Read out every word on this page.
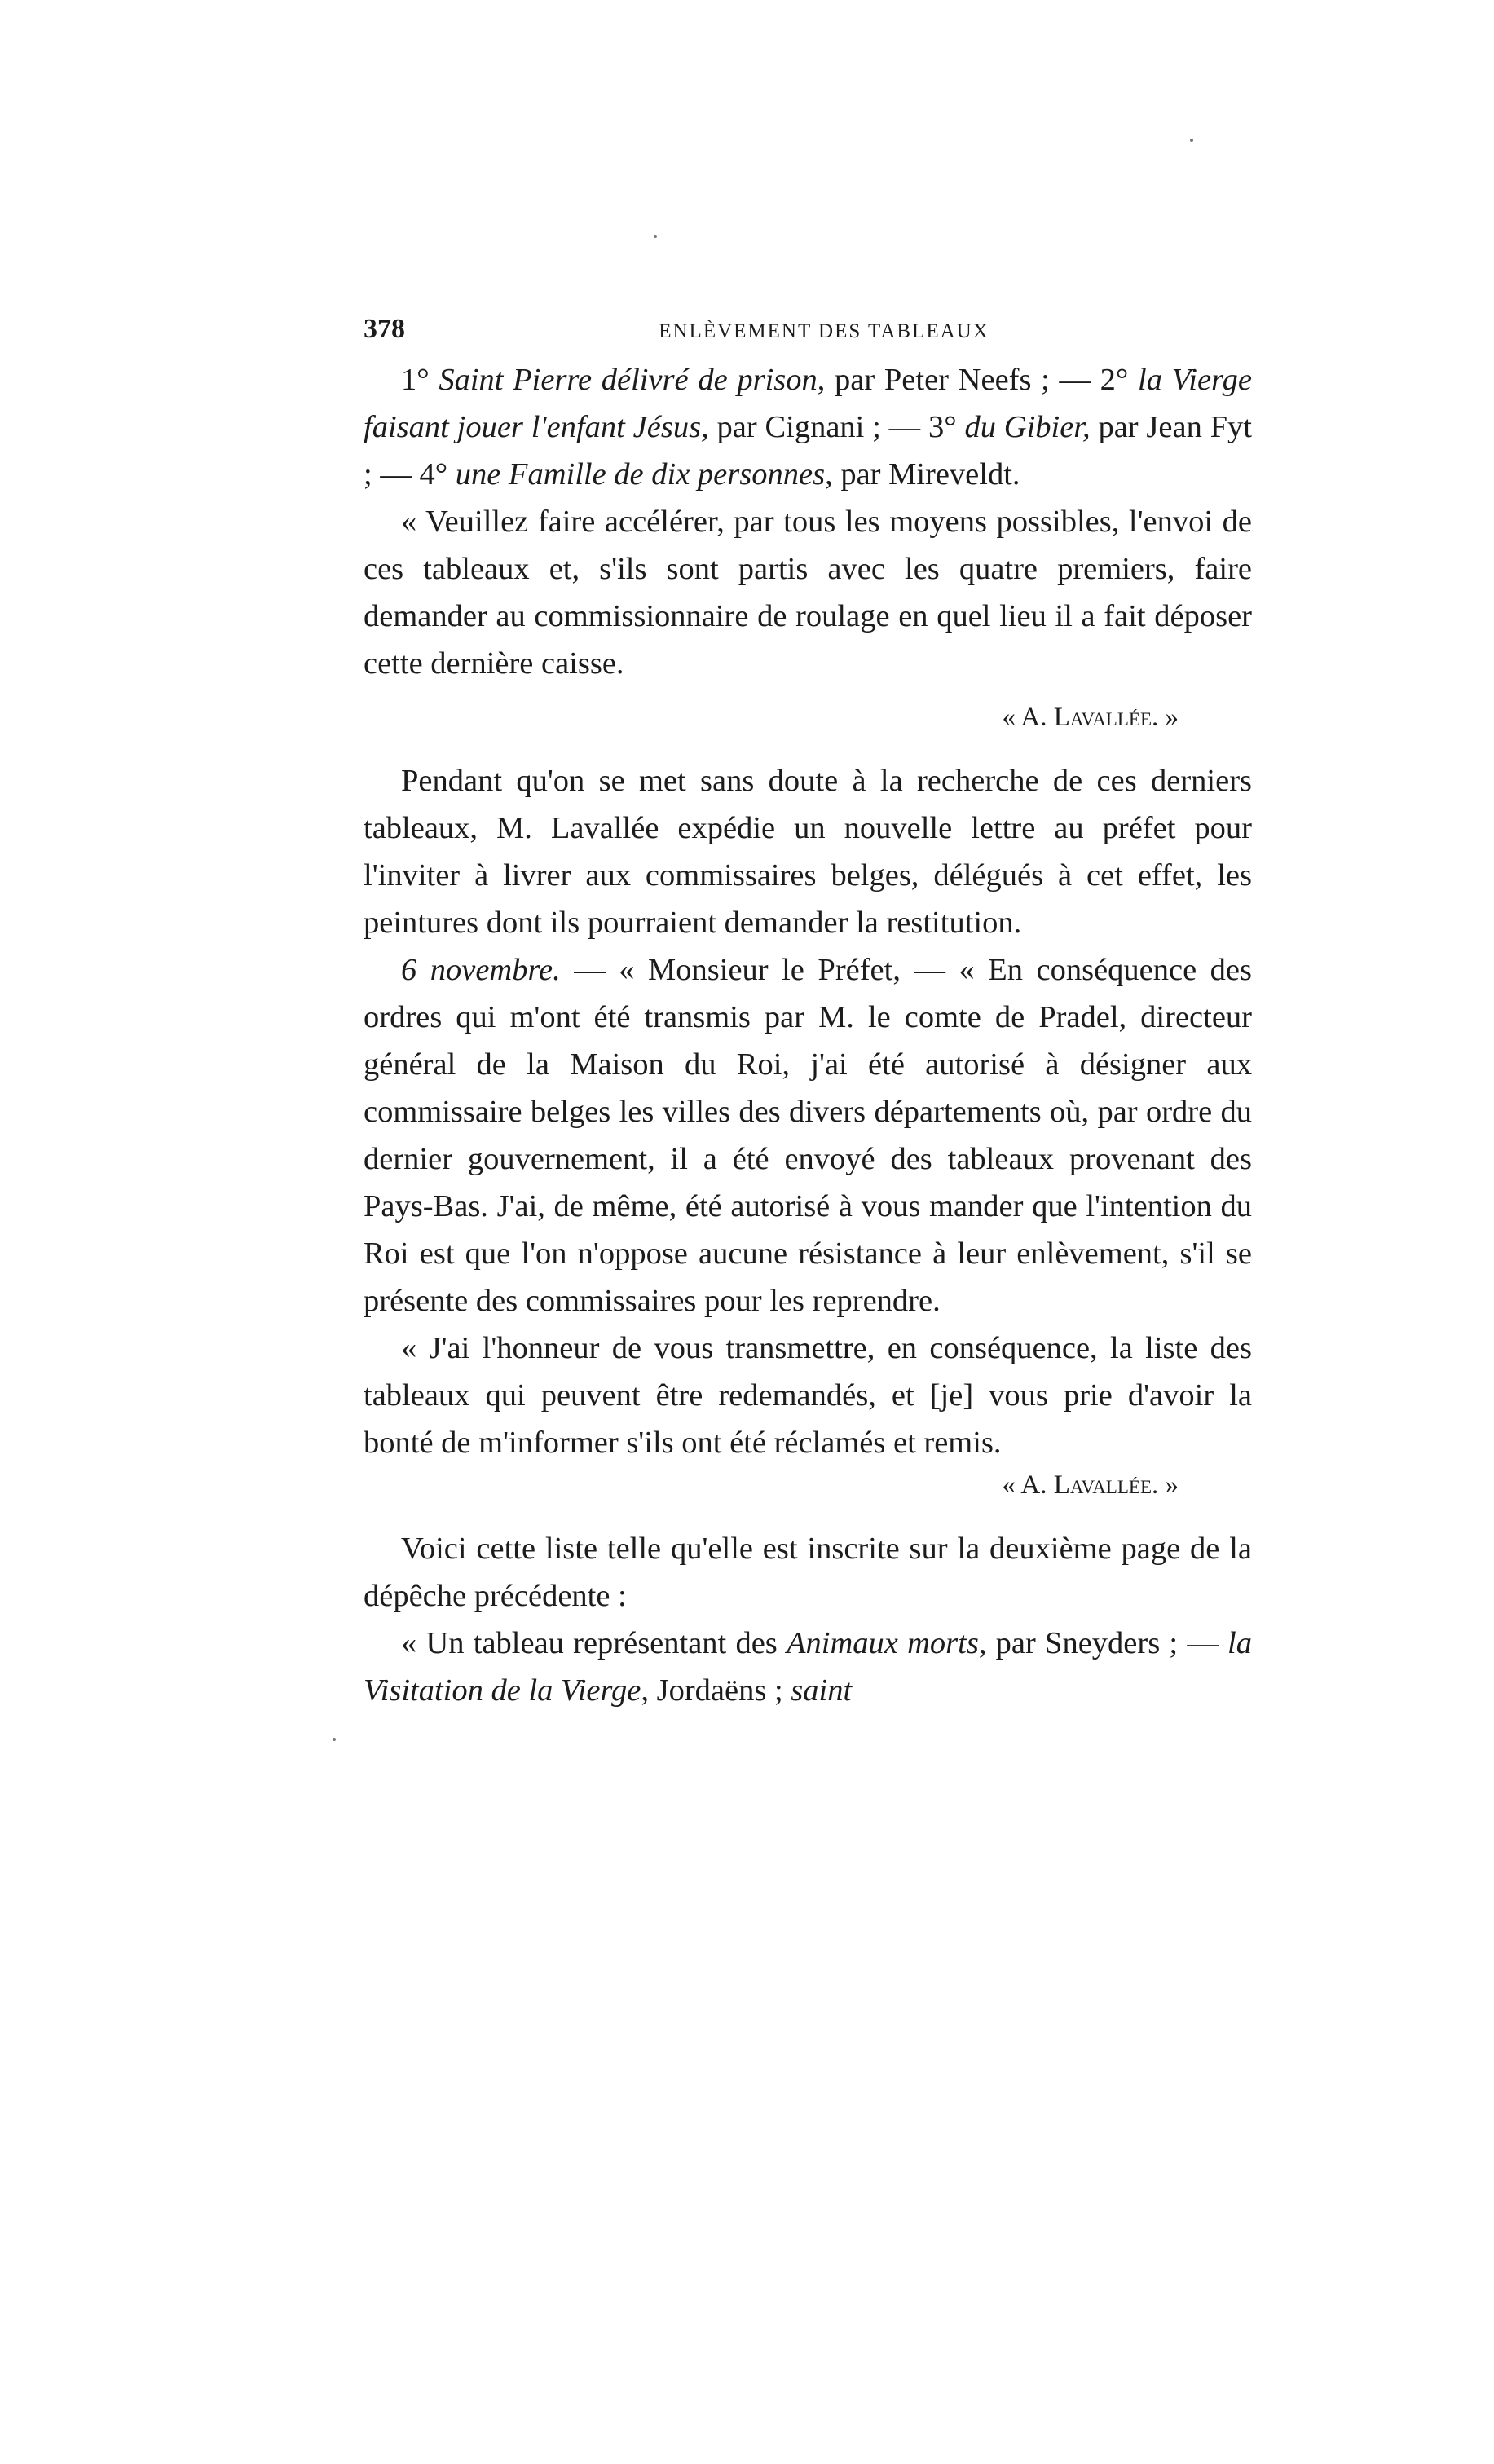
378	ENLÈVEMENT DES TABLEAUX

1° Saint Pierre délivré de prison, par Peter Neefs ; — 2° la Vierge faisant jouer l'enfant Jésus, par Cignani ; — 3° du Gibier, par Jean Fyt ; — 4° une Famille de dix personnes, par Mireveldt.

« Veuillez faire accélérer, par tous les moyens possibles, l'envoi de ces tableaux et, s'ils sont partis avec les quatre premiers, faire demander au commissionnaire de roulage en quel lieu il a fait déposer cette dernière caisse.

« A. Lavallée. »

Pendant qu'on se met sans doute à la recherche de ces derniers tableaux, M. Lavallée expédie un nouvelle lettre au préfet pour l'inviter à livrer aux commissaires belges, délégués à cet effet, les peintures dont ils pourraient demander la restitution.

6 novembre. — « Monsieur le Préfet, — « En conséquence des ordres qui m'ont été transmis par M. le comte de Pradel, directeur général de la Maison du Roi, j'ai été autorisé à désigner aux commissaire belges les villes des divers départements où, par ordre du dernier gouvernement, il a été envoyé des tableaux provenant des Pays-Bas. J'ai, de même, été autorisé à vous mander que l'intention du Roi est que l'on n'oppose aucune résistance à leur enlèvement, s'il se présente des commissaires pour les reprendre.

« J'ai l'honneur de vous transmettre, en conséquence, la liste des tableaux qui peuvent être redemandés, et [je] vous prie d'avoir la bonté de m'informer s'ils ont été réclamés et remis.

« A. Lavallée. »

Voici cette liste telle qu'elle est inscrite sur la deuxième page de la dépêche précédente :

« Un tableau représentant des Animaux morts, par Sneyders ; — la Visitation de la Vierge, Jordaëns ; saint
